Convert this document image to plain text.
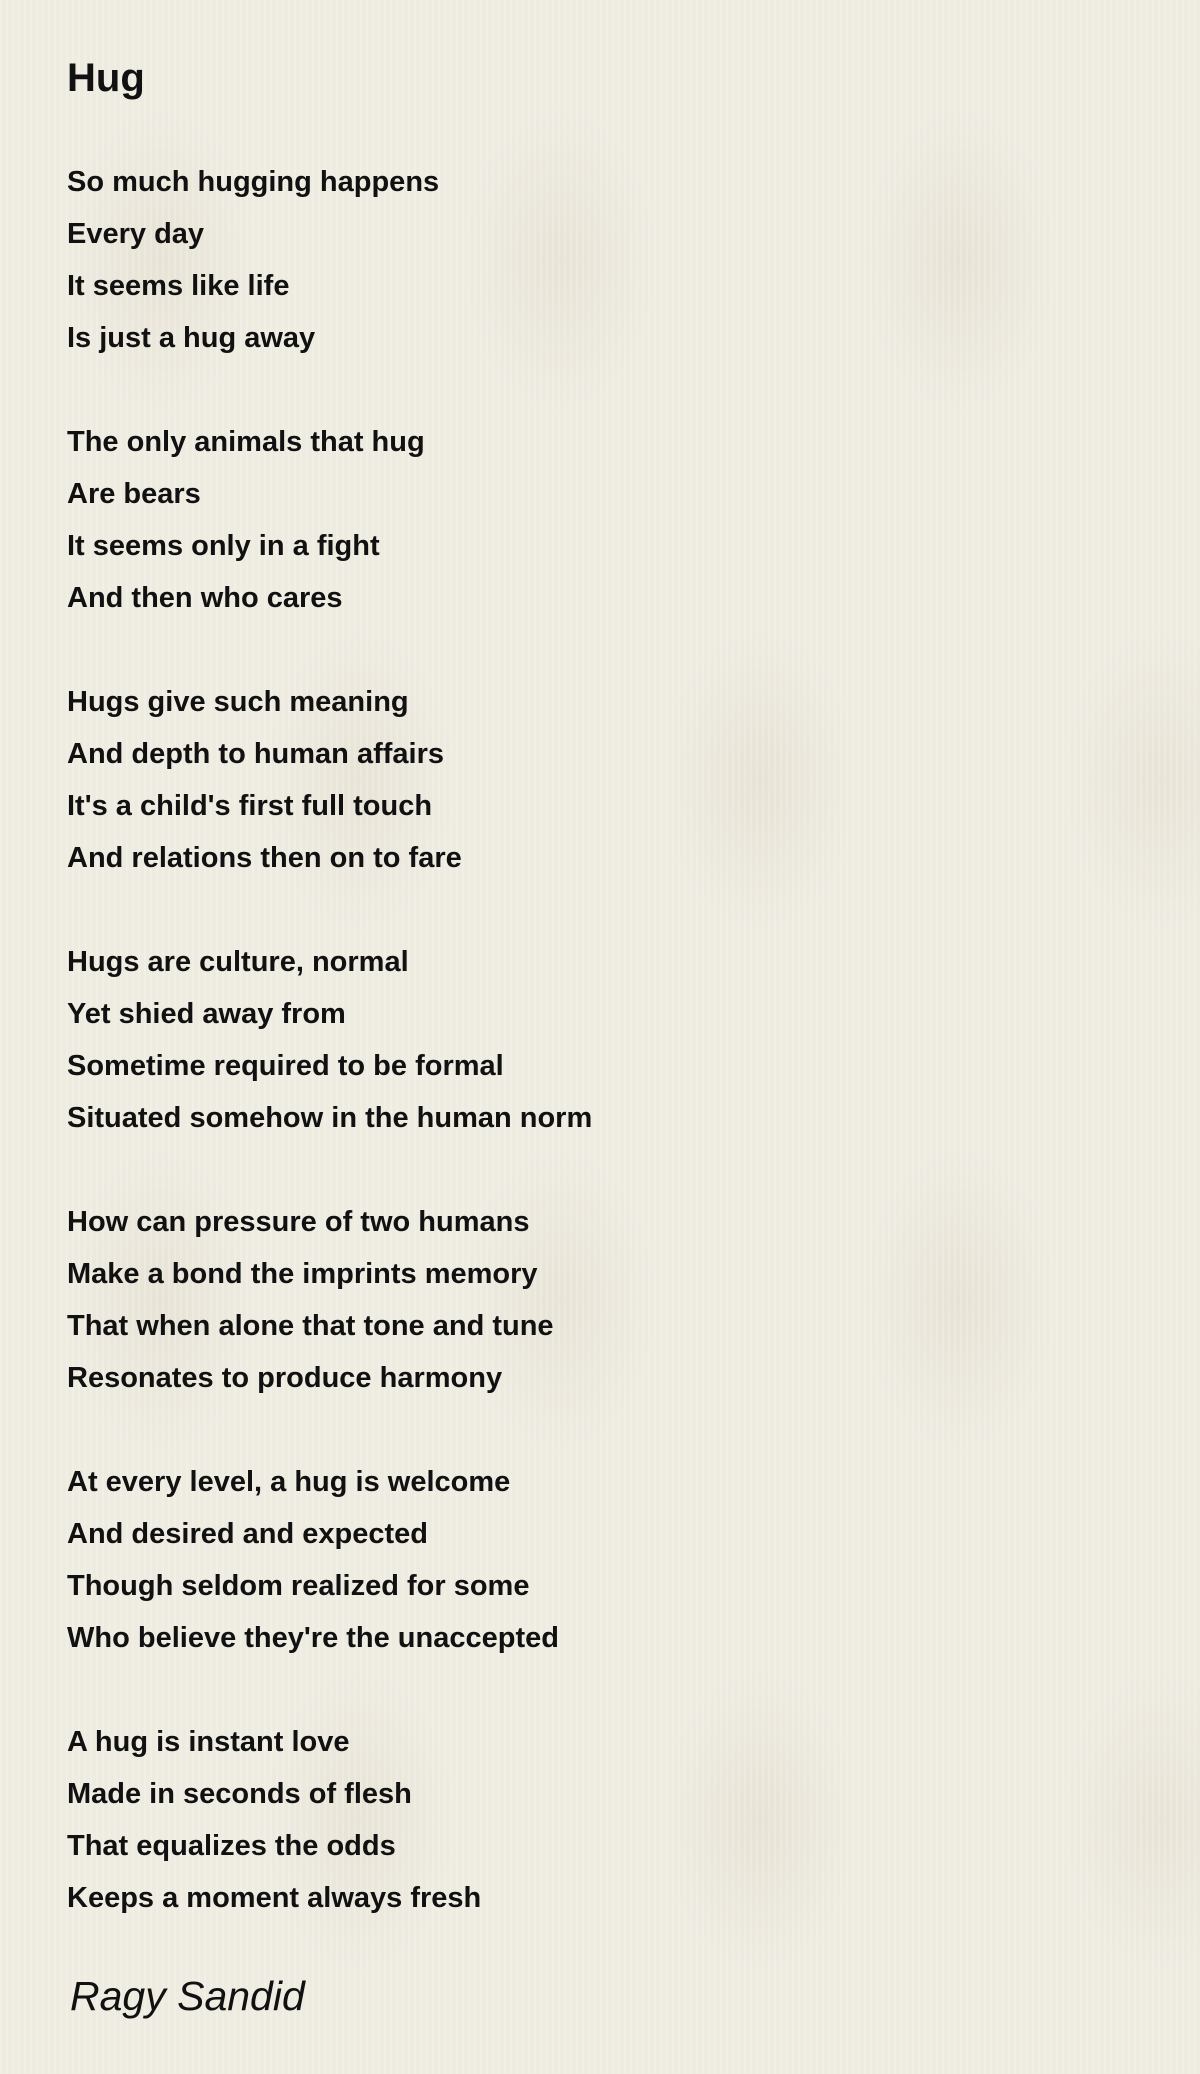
Hug
So much hugging happens
Every day
It seems like life
Is just a hug away
The only animals that hug
Are bears
It seems only in a fight
And then who cares
Hugs give such meaning
And depth to human affairs
It's a child's first full touch
And relations then on to fare
Hugs are culture, normal
Yet shied away from
Sometime required to be formal
Situated somehow in the human norm
How can pressure of two humans
Make a bond the imprints memory
That when alone that tone and tune
Resonates to produce harmony
At every level, a hug is welcome
And desired and expected
Though seldom realized for some
Who believe they're the unaccepted
A hug is instant love
Made in seconds of flesh
That equalizes the odds
Keeps a moment always fresh
Ragy Sandid
